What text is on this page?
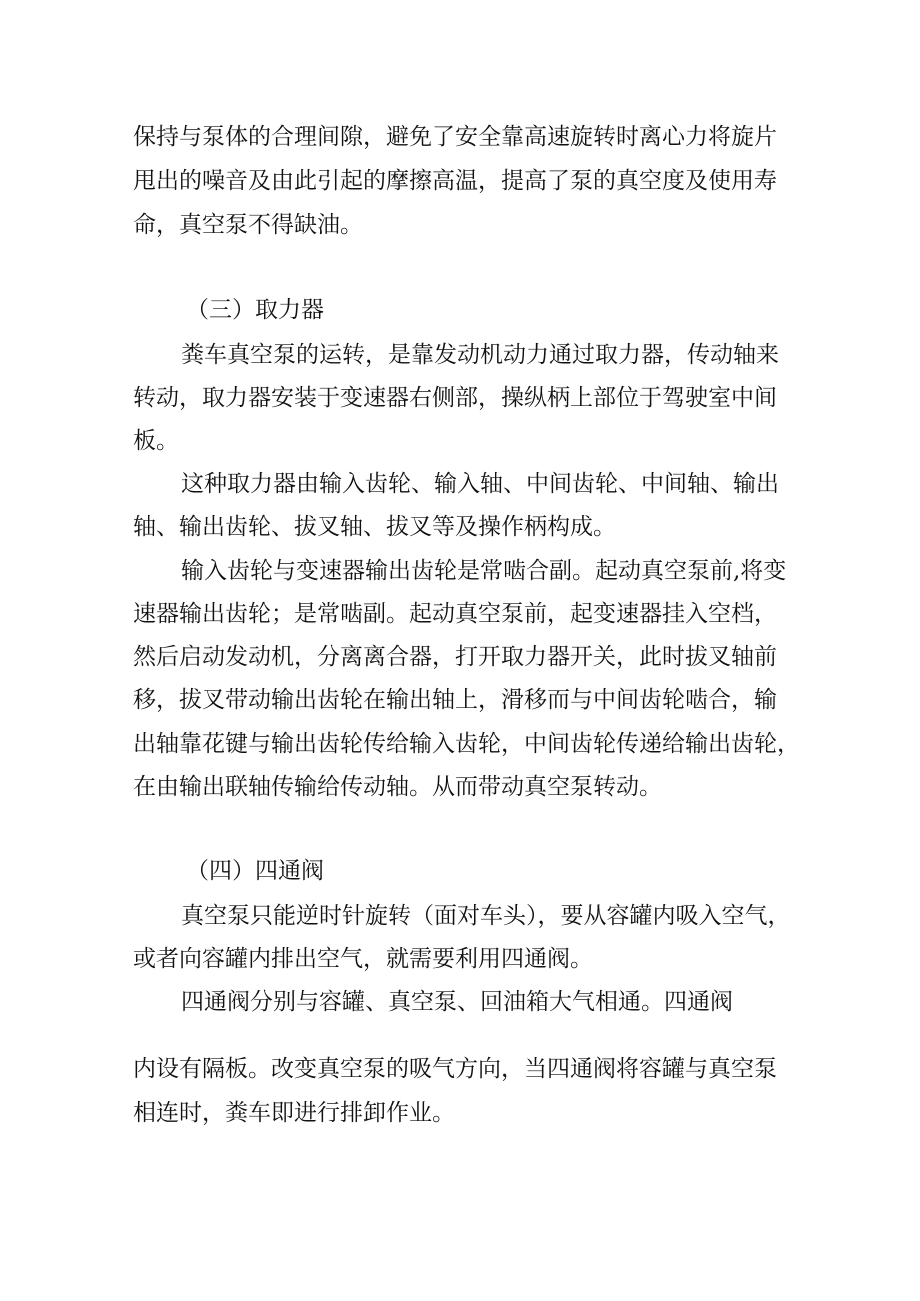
保持与泵体的合理间隙，避免了安全靠高速旋转时离心力将旋片
甩出的噪音及由此引起的摩擦高温，提高了泵的真空度及使用寿
命，真空泵不得缺油。
（三）取力器
粪车真空泵的运转，是靠发动机动力通过取力器，传动轴来
转动，取力器安装于变速器右侧部，操纵柄上部位于驾驶室中间
板。
这种取力器由输入齿轮、输入轴、中间齿轮、中间轴、输出
轴、输出齿轮、拔叉轴、拔叉等及操作柄构成。
输入齿轮与变速器输出齿轮是常啮合副。起动真空泵前,将变
速器输出齿轮；是常啮副。起动真空泵前，起变速器挂入空档，
然后启动发动机，分离离合器，打开取力器开关，此时拔叉轴前
移，拔叉带动输出齿轮在输出轴上，滑移而与中间齿轮啮合，输
出轴靠花键与输出齿轮传给输入齿轮，中间齿轮传递给输出齿轮，
在由输出联轴传输给传动轴。从而带动真空泵转动。
（四）四通阀
真空泵只能逆时针旋转（面对车头），要从容罐内吸入空气，
或者向容罐内排出空气，就需要利用四通阀。
四通阀分别与容罐、真空泵、回油箱大气相通。四通阀
内设有隔板。改变真空泵的吸气方向，当四通阀将容罐与真空泵
相连时，粪车即进行排卸作业。
